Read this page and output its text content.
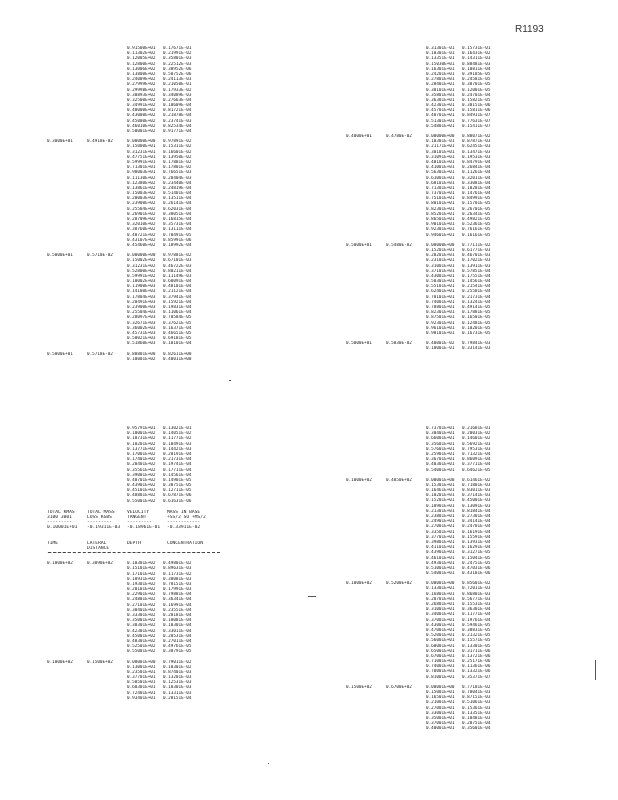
R1193
0.91500E+01	0.17671E-01
0.11302E+02	0.21991E-02
0.12005E+02	0.35801E-03
0.12800E+02	0.22512E-03
0.13006E+02	0.38952E-06
0.13800E+02	0.50752E-06
0.24009E+02	0.24113E-03
0.27999E+02	0.21050E-01
0.29998E+02	0.17933E-02
0.30893E+02	0.34089E-03
0.32500E+02	0.27663E-04
0.34991E+02	0.10609E-04
0.40000E+02	0.81721E-04
0.43000E+02	0.21878E-04
0.45000E+02	0.23741E-03
0.46010E+02	0.82534E-04
0.50001E+02	0.91771E-04
0.3000E+01	0.4918E-02	0.00000E+00	0.97891E-02
0.15000E+01	0.15311E-02
0.31231E+01	0.16601E-02
0.47751E+01	0.13950E-02
0.59991E+01	0.17881E-02
0.71301E+01	0.17801E-02
0.90003E+01	0.76651E-03
0.11130E+02	0.20404E-03
0.12380E+02	0.23440E-04
0.13861E+02	0.24819E-04
0.15003E+02	0.51401E-04
0.20003E+02	0.13511E-04
0.23900E+02	0.26141E-04
0.25504E+02	0.62031E-04
0.26901E+02	0.38051E-04
0.28709E+02	0.16815E-04
0.32010E+02	0.35731E-04
0.38760E+02	0.13111E-04
0.40721E+02	0.70491E-05
0.43107E+02	0.85991E-06
0.45460E+02	0.18992E-04
0.5000E+01	0.5710E-02	0.00000E+00	0.97881E-02
0.15002E+02	0.67101E-03
0.31231E+02	0.46722E-03
0.52800E+02	0.80211E-04
0.59991E+02	0.11149E-03
0.10002E+03	0.60091E-04
0.11900E+03	0.48101E-04
0.14108E+03	0.21121E-04
0.17804E+03	0.37941E-04
0.20491E+03	0.15921E-04
0.23900E+03	0.19831E-04
0.25504E+03	0.11061E-04
0.28097E+03	0.70584E-05
0.32671E+03	0.37621E-05
0.36002E+03	0.16371E-04
0.45731E+03	0.46651E-05
0.50021E+03	0.69181E-05
0.51860E+03	0.10101E-04
0.5000E+01	0.5718E-02	0.88801E+00	0.82611E+00
0.10001E+02	0.40011E+00
0.31301E-01	0.15731E-01
0.10301E-01	0.16431E-02
0.13351E-01	0.14311E-03
0.15030E+01	0.88481E-03
0.16301E+01	0.10811E-04
0.24201E+01	0.39185E-05
0.27801E+01	0.24581E-05
0.28401E+01	0.38701E-05
0.30101E+01	0.12001E-05
0.35801E+01	0.24701E-04
0.36301E+01	0.15821E-05
0.42301E+01	0.30151E-06
0.45701E+01	0.15811E-06
0.48701E+01	0.84911E-07
0.51301E+01	0.77631E-07
0.54801E+01	0.15411E-07
0.4000E+01	0.4780E-02	0.00000E+00	0.88071E-02
0.10301E-01	0.87871E-03
0.21171E+01	0.62451E-03
0.30101E+01	0.13471E-03
0.31091E+01	0.19531E-03
0.40101E+01	0.84791E-04
0.41001E+01	0.26841E-04
0.56301E+01	0.11261E-04
0.61001E+01	0.32011E-04
0.68101E+01	0.33081E-04
0.71301E+01	0.10281E-04
0.73701E+01	0.14761E-04
0.75101E+01	0.84991E-05
0.80101E+01	0.15701E-05
0.82301E+01	0.26701E-05
0.85201E+01	0.26341E-05
0.86501E+01	0.49821E-05
0.90101E+01	0.52361E-05
0.92301E+01	0.76161E-05
0.94601E+01	0.16161E-05
0.5000E+01	0.5480E-02	0.00000E+00	0.77111E-02
0.15201E+01	0.61771E-03
0.20201E+01	0.46701E-03
0.23101E+01	0.17021E-03
0.31001E+01	0.13911E-03
0.37101E+01	0.57851E-04
0.43001E+01	0.17551E-04
0.50301E+01	0.14561E-04
0.55101E+01	0.21541E-04
0.62401E+01	0.25501E-04
0.70101E+01	0.21731E-04
0.74001E+01	0.13241E-04
0.78801E+01	0.49141E-05
0.82301E+01	0.17881E-05
0.87501E+01	0.16501E-05
0.92301E+01	0.12481E-05
0.96101E+01	0.10201E-05
0.98101E+01	0.16731E-05
0.5000E+01	0.5830E-02	0.40001E-02	0.79841E-03
0.10001E-01	0.33141E-03
0.95791E+01	0.13021E-01
0.10001E+02	0.14051E-02
0.10731E+02	0.11771E-02
0.10201E+02	0.10491E-03
0.13771E+02	0.14421E-03
0.17001E+02	0.20191E-04
0.17401E+02	0.21731E-04
0.20401E+02	0.19741E-04
0.35561E+02	0.17711E-04
0.39001E+02	0.14561E-04
0.40701E+02	0.14901E-05
0.43901E+02	0.30751E-05
0.45101E+02	0.12711E-05
0.48801E+02	0.67871E-06
0.55001E+02	0.61631E-06
TOTAL KMAS	TOTAL MASS	VELOCITY	MASS IN BASE
3100 3001	LOSS KGBS	TANGENT	+SS/2 SO +MS/2
---------	---------	---------	------------
0.10001E+01	-0.19311E-03	-0.18961E-01	-0.33911E-02
TIME	LATERAL	DEPTH	CONCENTRATION
DISTANCE
--------	---------	---------	-------------
0.1000E+02	0.3090E+02	0.10301E+02	0.49801E-02
0.15101E+02	0.89631E-03
0.17101E+02	0.11731E-02
0.18931E+02	0.38081E-03
0.19301E+02	0.78151E-03
0.20101E+02	0.17991E-03
0.22901E+02	0.79881E-04
0.24801E+02	0.36341E-04
0.27101E+02	0.16991E-04
0.30401E+02	0.23551E-04
0.33301E+02	0.28181E-04
0.35001E+02	0.18081E-04
0.38301E+02	0.10301E-04
0.42301E+02	0.33011E-04
0.45001E+02	0.20531E-04
0.48301E+02	0.27011E-04
0.52501E+02	0.49761E-05
0.55001E+02	0.30791E-05
0.1000E+02	0.1500E+02	0.00001E+00	0.79011E-02
0.13001E+01	0.10301E-02
0.23501E+01	0.87401E-03
0.37701E+01	0.13201E-03
0.50501E+01	0.12531E-03
0.60301E+01	0.10301E-03
0.72401E+01	0.13311E-03
0.93401E+01	0.28151E-04
0.73701E+01	0.21681E-01
0.30401E+01	0.20031E-02
0.66001E+01	0.14601E-02
0.35601E+01	0.56921E-03
0.57601E+01	0.79531E-03
0.25901E+01	0.71321E-04
0.36701E+01	0.86091E-04
0.40301E+01	0.37711E-04
0.54001E+01	0.64621E-05
0.1000E+02	0.4850E+02	0.00001E+00	0.61461E-02
0.15301E+01	0.71801E-03
0.16461E+01	0.83011E-03
0.10201E+01	0.37141E-03
0.15201E+01	0.45001E-03
0.18901E+01	0.13091E-03
0.21301E+01	0.81841E-04
0.23801E+01	0.27301E-04
0.24901E+01	0.34141E-04
0.27001E+01	0.24701E-04
0.33501E+01	0.16191E-04
0.37701E+01	0.15591E-04
0.39801E+01	0.13931E-04
0.41101E+01	0.16291E-04
0.43901E+01	0.31271E-05
0.46101E+01	0.15041E-05
0.49301E+01	0.24751E-05
0.51001E+01	0.47031E-06
0.54001E+01	0.43181E-06
0.1000E+02	0.5200E+02	0.00001E+00	0.85601E-02
0.13301E+01	0.72011E-03
0.16801E+01	0.86801E-03
0.20701E+01	0.56771E-03
0.26801E+01	0.15531E-03
0.31001E+01	0.36301E-04
0.34001E+01	0.11771E-04
0.37001E+01	0.19761E-04
0.43001E+01	0.59461E-05
0.47001E+01	0.38831E-05
0.52001E+01	0.21321E-05
0.56001E+01	0.15571E-05
0.60001E+01	0.13301E-05
0.65001E+01	0.31711E-06
0.67001E+01	0.13721E-06
0.71001E+01	0.25171E-06
0.74001E+01	0.11361E-06
0.78001E+01	0.13321E-06
0.81001E+01	0.35371E-07
0.1500E+02	0.6700E+02	0.00001E+00	0.77181E-02
0.15001E+01	0.78041E-03
0.16501E+01	0.87151E-03
0.21001E+01	0.51061E-03
0.27001E+01	0.15361E-03
0.33001E+01	0.13351E-03
0.35001E+01	0.10481E-03
0.37001E+01	0.20751E-04
0.40001E+01	0.35601E-04
